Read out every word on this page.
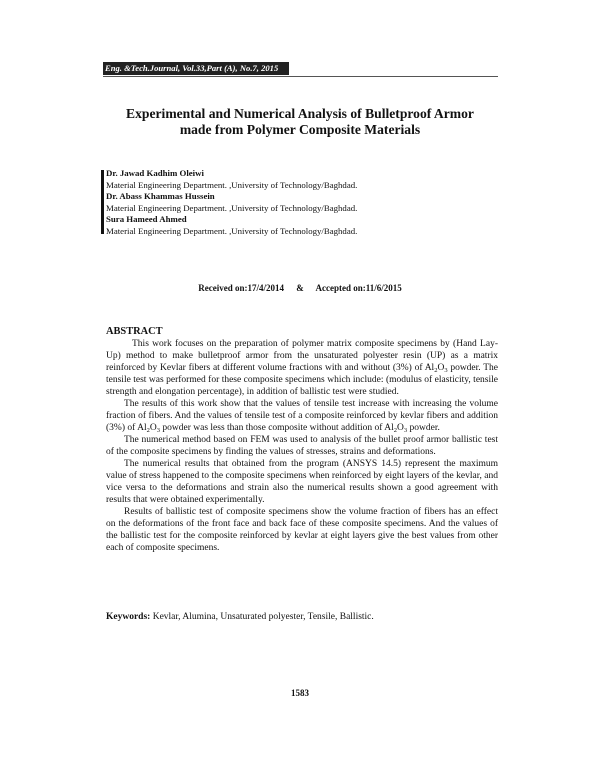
Eng. &Tech.Journal, Vol.33,Part (A), No.7, 2015
Experimental and Numerical Analysis of Bulletproof Armor
made from Polymer Composite Materials
Dr. Jawad Kadhim Oleiwi
Material Engineering Department. ,University of Technology/Baghdad.
Dr. Abass Khammas Hussein
Material Engineering Department. ,University of Technology/Baghdad.
Sura Hameed Ahmed
Material Engineering Department. ,University of Technology/Baghdad.
Received on:17/4/2014 & Accepted on:11/6/2015
ABSTRACT

This work focuses on the preparation of polymer matrix composite specimens by (Hand Lay-Up) method to make bulletproof armor from the unsaturated polyester resin (UP) as a matrix reinforced by Kevlar fibers at different volume fractions with and without (3%) of $Al_2O_3$ powder. The tensile test was performed for these composite specimens which include: (modulus of elasticity, tensile strength and elongation percentage), in addition of ballistic test were studied.

The results of this work show that the values of tensile test increase with increasing the volume fraction of fibers. And the values of tensile test of a composite reinforced by kevlar fibers and addition (3%) of $Al_2O_3$ powder was less than those composite without addition of $Al_2O_3$ powder.

The numerical method based on FEM was used to analysis of the bullet proof armor ballistic test of the composite specimens by finding the values of stresses, strains and deformations.

The numerical results that obtained from the program (ANSYS 14.5) represent the maximum value of stress happened to the composite specimens when reinforced by eight layers of the kevlar, and vice versa to the deformations and strain also the numerical results shown a good agreement with results that were obtained experimentally.

Results of ballistic test of composite specimens show the volume fraction of fibers has an effect on the deformations of the front face and back face of these composite specimens. And the values of the ballistic test for the composite reinforced by kevlar at eight layers give the best values from other each of composite specimens.

Keywords: Kevlar, Alumina, Unsaturated polyester, Tensile, Ballistic.
1583
